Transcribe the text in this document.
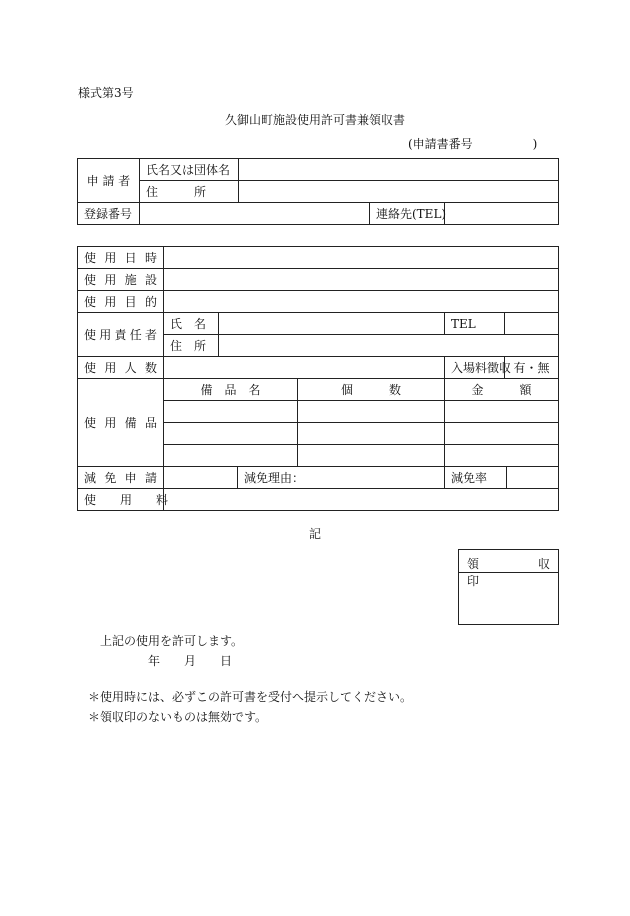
様式第3号
久御山町施設使用許可書兼領収書
(申請書番号　　　　　)
申 請 者	氏名又は団体名			
	住　　　所			
登録番号			連絡先(TEL)	
使 用 日 時							
使 用 施 設							
使 用 目 的							
使用責任者	氏　名				TEL		
	住　所						
使 用 人 数					入場料徴収	有・無	
使 用 備 品	備　品　名			個　　　数	金　　　額		

減 免 申 請			減免理由：		減免率		
使　　用　　料							
記
領　　収　　印
上記の使用を許可します。
年　　月　　日
＊使用時には、必ずこの許可書を受付へ提示してください。
＊領収印のないものは無効です。
